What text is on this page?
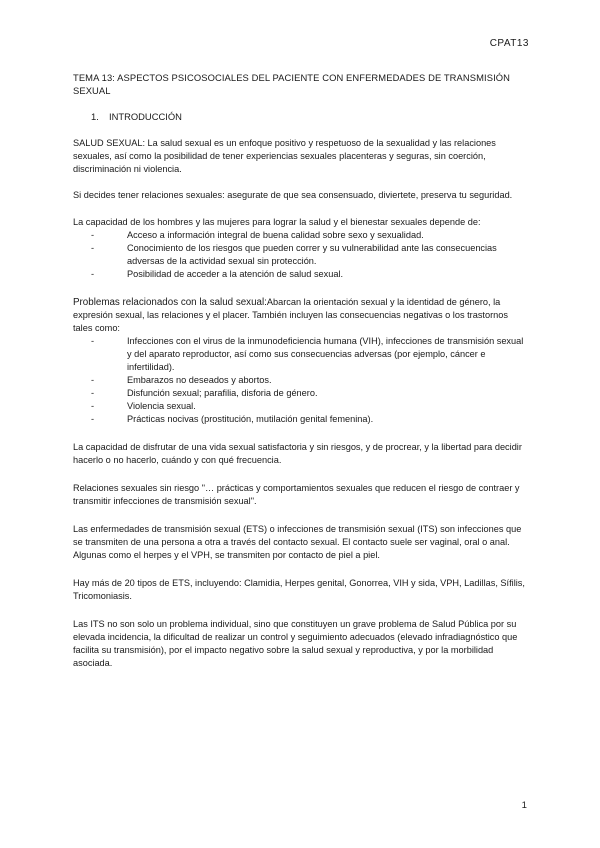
CPAT13
TEMA 13: ASPECTOS PSICOSOCIALES DEL PACIENTE CON ENFERMEDADES DE TRANSMISIÓN SEXUAL
1. INTRODUCCIÓN

SALUD SEXUAL: La salud sexual es un enfoque positivo y respetuoso de la sexualidad y las relaciones sexuales, así como la posibilidad de tener experiencias sexuales placenteras y seguras, sin coerción, discriminación ni violencia.

Si decides tener relaciones sexuales: asegurate de que sea consensuado, diviertete, preserva tu seguridad.

La capacidad de los hombres y las mujeres para lograr la salud y el bienestar sexuales depende de:

- Acceso a información integral de buena calidad sobre sexo y sexualidad.
- Conocimiento de los riesgos que pueden correr y su vulnerabilidad ante las consecuencias adversas de la actividad sexual sin protección.
- Posibilidad de acceder a la atención de salud sexual.

Problemas relacionados con la salud sexual:Abarcan la orientación sexual y la identidad de género, la expresión sexual, las relaciones y el placer. También incluyen las consecuencias negativas o los trastornos tales como:

- Infecciones con el virus de la inmunodeficiencia humana (VIH), infecciones de transmisión sexual y del aparato reproductor, así como sus consecuencias adversas (por ejemplo, cáncer e infertilidad).
- Embarazos no deseados y abortos.
- Disfunción sexual; parafilia, disforia de género.
- Violencia sexual.
- Prácticas nocivas (prostitución, mutilación genital femenina).

La capacidad de disfrutar de una vida sexual satisfactoria y sin riesgos, y de procrear, y la libertad para decidir hacerlo o no hacerlo, cuándo y con qué frecuencia.

Relaciones sexuales sin riesgo "… prácticas y comportamientos sexuales que reducen el riesgo de contraer y transmitir infecciones de transmisión sexual".

Las enfermedades de transmisión sexual (ETS) o infecciones de transmisión sexual (ITS) son infecciones que se transmiten de una persona a otra a través del contacto sexual. El contacto suele ser vaginal, oral o anal. Algunas como el herpes y el VPH, se transmiten por contacto de piel a piel.

Hay más de 20 tipos de ETS, incluyendo: Clamidia, Herpes genital, Gonorrea, VIH y sida, VPH, Ladillas, Sífilis, Tricomoniasis.

Las ITS no son solo un problema individual, sino que constituyen un grave problema de Salud Pública por su elevada incidencia, la dificultad de realizar un control y seguimiento adecuados (elevado infradiagnóstico que facilita su transmisión), por el impacto negativo sobre la salud sexual y reproductiva, y por la morbilidad asociada.

1
